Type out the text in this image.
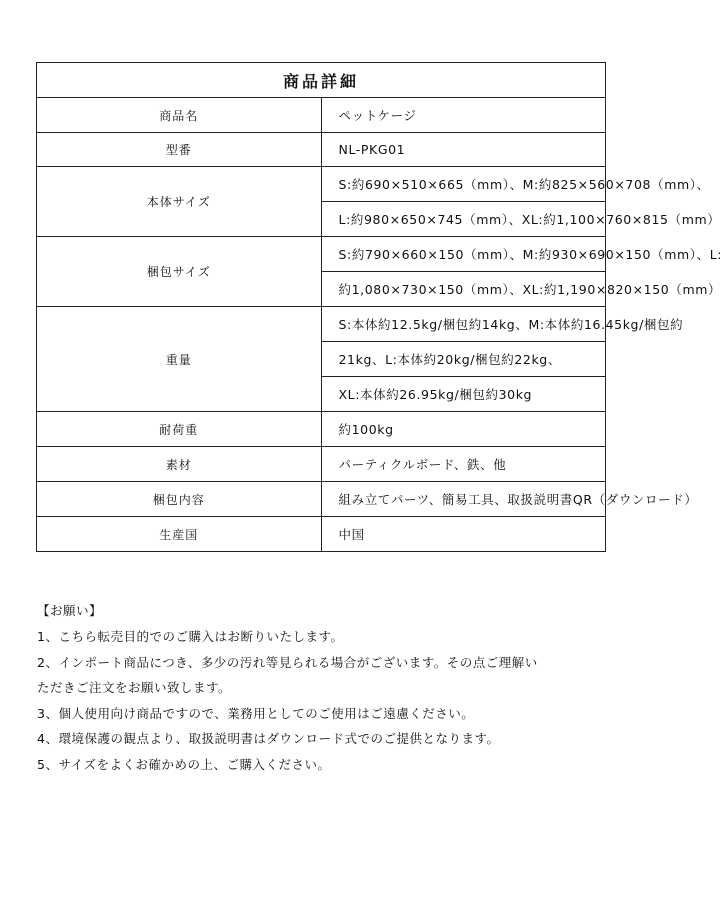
商品詳細	
商品名	ペットケージ
型番	NL-PKG01
本体サイズ	S:約690×510×665（mm）、M:約825×560×708（mm）、
	L:約980×650×745（mm）、XL:約1,100×760×815（mm）
梱包サイズ	S:約790×660×150（mm）、M:約930×690×150（mm）、L:
	約1,080×730×150（mm）、XL:約1,190×820×150（mm）
重量	S:本体約12.5kg/梱包約14kg、M:本体約16.45kg/梱包約
	21kg、L:本体約20kg/梱包約22kg、
	XL:本体約26.95kg/梱包約30kg
耐荷重	約100kg
素材	パーティクルボード、鉄、他
梱包内容	組み立てパーツ、簡易工具、取扱説明書QR（ダウンロード）
生産国	中国
【お願い】
1、こちら転売目的でのご購入はお断りいたします。
2、インポート商品につき、多少の汚れ等見られる場合がございます。その点ご理解い
ただきご注文をお願い致します。
3、個人使用向け商品ですので、業務用としてのご使用はご遠慮ください。
4、環境保護の観点より、取扱説明書はダウンロード式でのご提供となります。
5、サイズをよくお確かめの上、ご購入ください。
